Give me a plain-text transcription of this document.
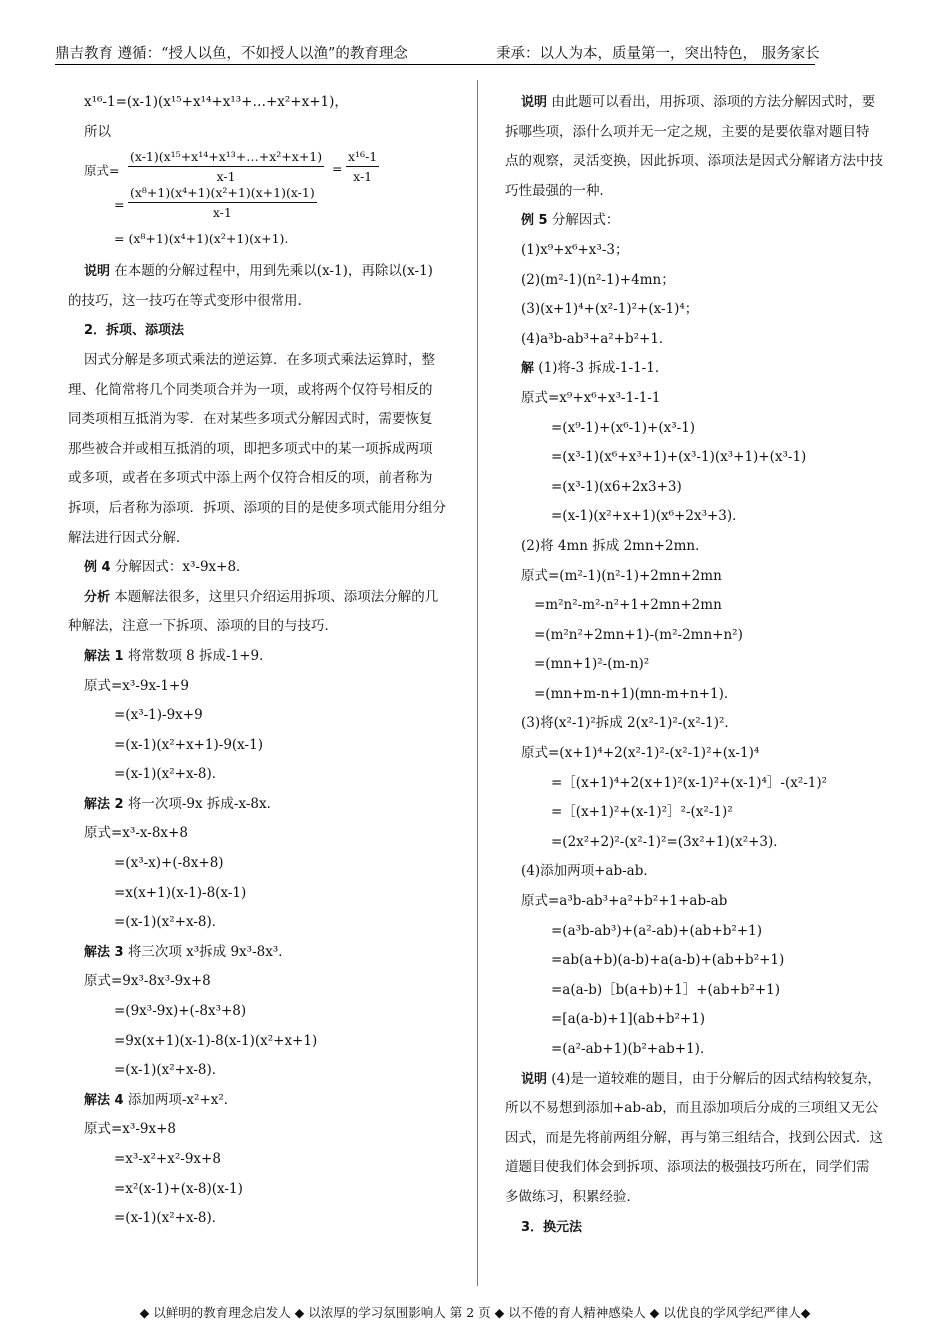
鼎吉教育 遵循：“授人以鱼，不如授人以渔”的教育理念	秉承：以人为本，质量第一，突出特色， 服务家长
x¹⁶-1=(x-1)(x¹⁵+x¹⁴+x¹³+…+x²+x+1)，
所以
原式= $\frac{\text{(x-1)(x¹⁵+x¹⁴+x¹³+…+x²+x+1)}}{x-1} = \frac{\text{x¹⁶-1}}{x-1}$
= $\frac{\text{(x⁸+1)(x⁴+1)(x²+1)(x+1)(x-1)}}{x-1}$
= (x⁸+1)(x⁴+1)(x²+1)(x+1).
说明 在本题的分解过程中，用到先乘以(x-1)，再除以(x-1)
的技巧，这一技巧在等式变形中很常用.
2．拆项、添项法
因式分解是多项式乘法的逆运算．在多项式乘法运算时，整
理、化简常将几个同类项合并为一项，或将两个仅符号相反的
同类项相互抵消为零．在对某些多项式分解因式时，需要恢复
那些被合并或相互抵消的项，即把多项式中的某一项拆成两项
或多项，或者在多项式中添上两个仅符合相反的项，前者称为
拆项，后者称为添项．拆项、添项的目的是使多项式能用分组分
解法进行因式分解．
例 4 分解因式：x³-9x+8．
分析 本题解法很多，这里只介绍运用拆项、添项法分解的几
种解法，注意一下拆项、添项的目的与技巧．
解法 1 将常数项 8 拆成-1+9．
原式=x³-9x-1+9
=(x³-1)-9x+9
=(x-1)(x²+x+1)-9(x-1)
=(x-1)(x²+x-8)．
解法 2 将一次项-9x 拆成-x-8x．
原式=x³-x-8x+8
=(x³-x)+(-8x+8)
=x(x+1)(x-1)-8(x-1)
=(x-1)(x²+x-8)．
解法 3 将三次项 x³拆成 9x³-8x³．
原式=9x³-8x³-9x+8
=(9x³-9x)+(-8x³+8)
=9x(x+1)(x-1)-8(x-1)(x²+x+1)
=(x-1)(x²+x-8)．
解法 4 添加两项-x²+x²．
原式=x³-9x+8
=x³-x²+x²-9x+8
=x²(x-1)+(x-8)(x-1)
=(x-1)(x²+x-8)．
说明 由此题可以看出，用拆项、添项的方法分解因式时，要
拆哪些项，添什么项并无一定之规，主要的是要依靠对题目特
点的观察，灵活变换，因此拆项、添项法是因式分解诸方法中技
巧性最强的一种．
例 5 分解因式：
(1)x⁹+x⁶+x³-3；
(2)(m²-1)(n²-1)+4mn；
(3)(x+1)⁴+(x²-1)²+(x-1)⁴；
(4)a³b-ab³+a²+b²+1．
解 (1)将-3 拆成-1-1-1．
原式=x⁹+x⁶+x³-1-1-1
=(x⁹-1)+(x⁶-1)+(x³-1)
=(x³-1)(x⁶+x³+1)+(x³-1)(x³+1)+(x³-1)
=(x³-1)(x6+2x3+3)
=(x-1)(x²+x+1)(x⁶+2x³+3)．
(2)将 4mn 拆成 2mn+2mn．
原式=(m²-1)(n²-1)+2mn+2mn
=m²n²-m²-n²+1+2mn+2mn
=(m²n²+2mn+1)-(m²-2mn+n²)
=(mn+1)²-(m-n)²
=(mn+m-n+1)(mn-m+n+1)．
(3)将(x²-1)²拆成 2(x²-1)²-(x²-1)²．
原式=(x+1)⁴+2(x²-1)²-(x²-1)²+(x-1)⁴
=［(x+1)⁴+2(x+1)²(x-1)²+(x-1)⁴］-(x²-1)²
=［(x+1)²+(x-1)²］²-(x²-1)²
=(2x²+2)²-(x²-1)²=(3x²+1)(x²+3)．
(4)添加两项+ab-ab．
原式=a³b-ab³+a²+b²+1+ab-ab
=(a³b-ab³)+(a²-ab)+(ab+b²+1)
=ab(a+b)(a-b)+a(a-b)+(ab+b²+1)
=a(a-b)［b(a+b)+1］+(ab+b²+1)
=[a(a-b)+1](ab+b²+1)
=(a²-ab+1)(b²+ab+1)．
说明 (4)是一道较难的题目，由于分解后的因式结构较复杂，
所以不易想到添加+ab-ab，而且添加项后分成的三项组又无公
因式，而是先将前两组分解，再与第三组结合，找到公因式．这
道题目使我们体会到拆项、添项法的极强技巧所在，同学们需
多做练习，积累经验．
3．换元法
◆ 以鲜明的教育理念启发人 ◆ 以浓厚的学习氛围影响人 第 2 页 ◆ 以不倦的育人精神感染人 ◆ 以优良的学风学纪严律人◆
